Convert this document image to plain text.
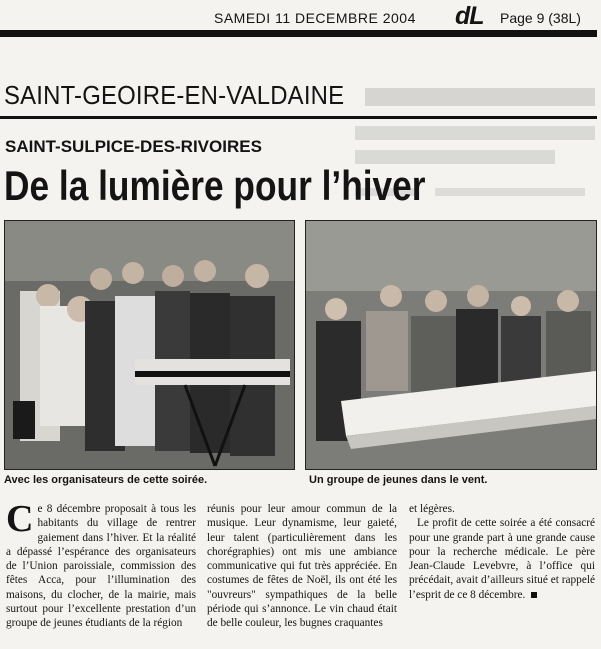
SAMEDI 11 DECEMBRE 2004 dL Page 9 (38L)
SAINT-GEOIRE-EN-VALDAINE
SAINT-SULPICE-DES-RIVOIRES
De la lumière pour l’hiver
Avec les organisateurs de cette soirée.	Un groupe de jeunes dans le vent.
C e 8 décembre proposait à tous les habitants du village de rentrer gaiement dans l’hiver. Et la réalité a dépassé l’espérance des organisateurs de l’Union paroissiale, commission des fêtes Acca, pour l’illumination des maisons, du clocher, de la mairie, mais surtout pour l’excellente prestation d’un groupe de jeunes étudiants de la région
réunis pour leur amour commun de la musique. Leur dynamisme, leur gaieté, leur talent (particulièrement dans les chorégraphies) ont mis une ambiance communicative qui fut très appréciée. En costumes de fêtes de Noël, ils ont été les "ouvreurs" sympathiques de la belle période qui s’annonce. Le vin chaud était de belle couleur, les bugnes craquantes
et légères.
Le profit de cette soirée a été consacré pour une grande part à une grande cause pour la recherche médicale. Le père Jean-Claude Levebvre, à l’office qui précédait, avait d’ailleurs situé et rappelé l’esprit de ce 8 décembre.
